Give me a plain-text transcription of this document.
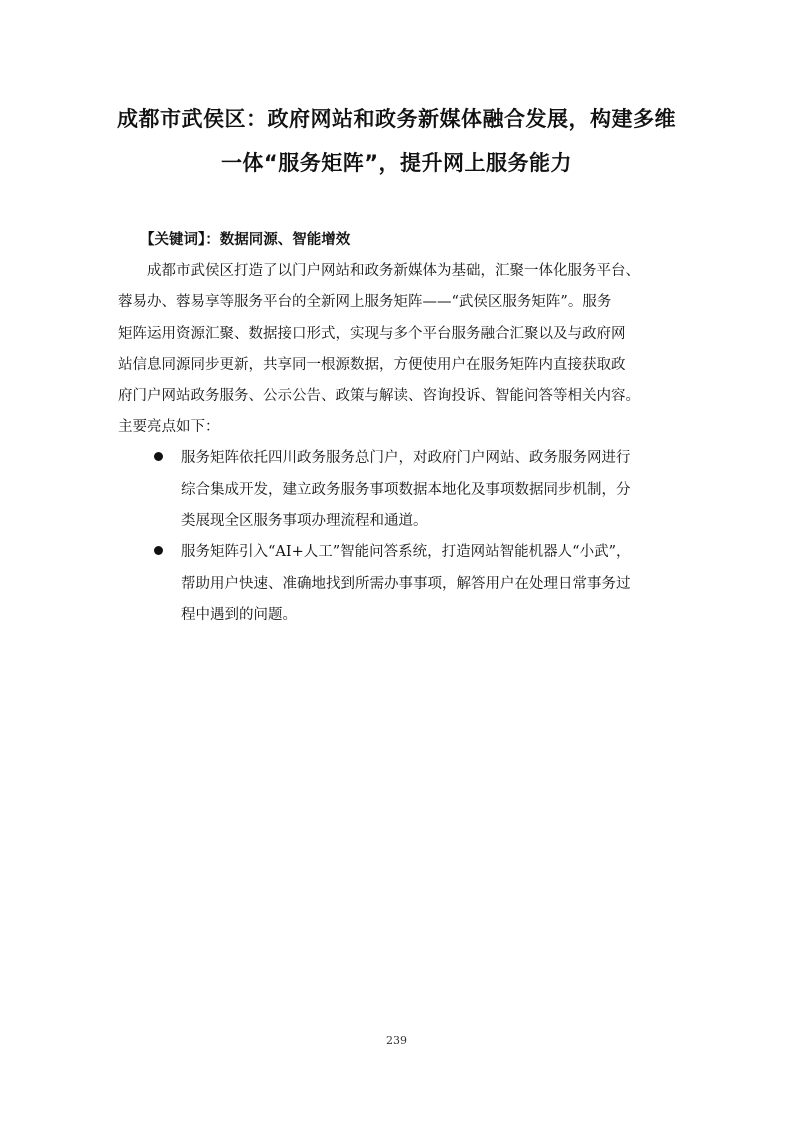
成都市武侯区：政府网站和政务新媒体融合发展，构建多维
一体“服务矩阵”，提升网上服务能力
【关键词】：数据同源、智能增效
成都市武侯区打造了以门户网站和政务新媒体为基础，汇聚一体化服务平台、
蓉易办、蓉易享等服务平台的全新网上服务矩阵——“武侯区服务矩阵”。服务
矩阵运用资源汇聚、数据接口形式，实现与多个平台服务融合汇聚以及与政府网
站信息同源同步更新，共享同一根源数据，方便使用户在服务矩阵内直接获取政
府门户网站政务服务、公示公告、政策与解读、咨询投诉、智能问答等相关内容。
主要亮点如下：
服务矩阵依托四川政务服务总门户，对政府门户网站、政务服务网进行
综合集成开发，建立政务服务事项数据本地化及事项数据同步机制，分
类展现全区服务事项办理流程和通道。
服务矩阵引入“AI+人工”智能问答系统，打造网站智能机器人“小武”，
帮助用户快速、准确地找到所需办事事项，解答用户在处理日常事务过
程中遇到的问题。
239
